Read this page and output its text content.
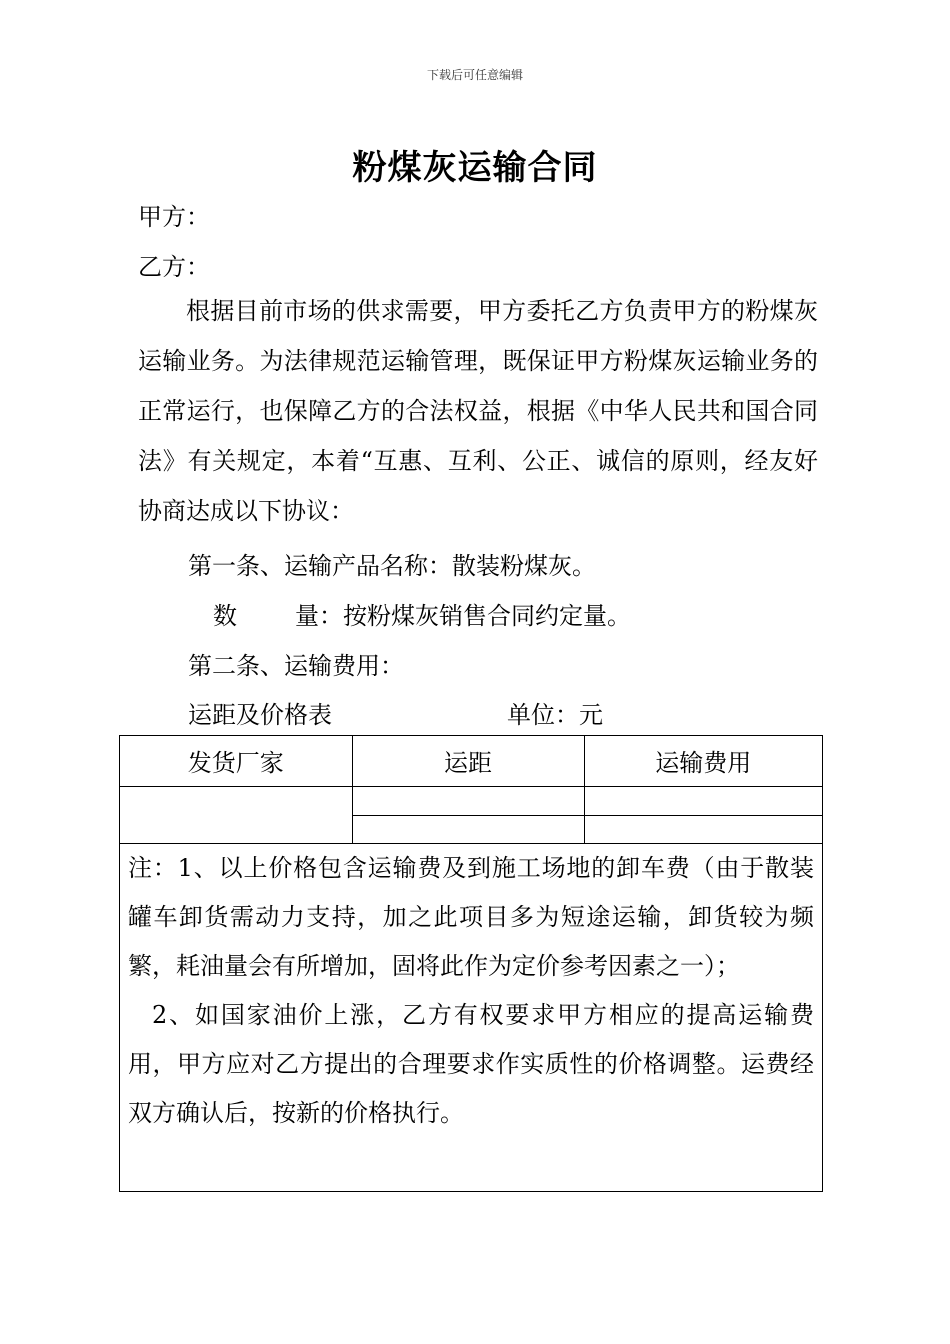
下载后可任意编辑
粉煤灰运输合同
甲方：
乙方：

根据目前市场的供求需要，甲方委托乙方负责甲方的粉煤灰运输业务。为法律规范运输管理，既保证甲方粉煤灰运输业务的正常运行，也保障乙方的合法权益，根据《中华人民共和国合同法》有关规定，本着“互惠、互利、公正、诚信的原则，经友好协商达成以下协议：

第一条、运输产品名称：散装粉煤灰。
数 量：按粉煤灰销售合同约定量。
第二条、运输费用：
运距及价格表	单位：元
发货厂家	运距	运输费用

注：1、以上价格包含运输费及到施工场地的卸车费（由于散装罐车卸货需动力支持，加之此项目多为短途运输，卸货较为频繁，耗油量会有所增加，固将此作为定价参考因素之一）；

2、如国家油价上涨，乙方有权要求甲方相应的提高运输费用，甲方应对乙方提出的合理要求作实质性的价格调整。运费经双方确认后，按新的价格执行。
